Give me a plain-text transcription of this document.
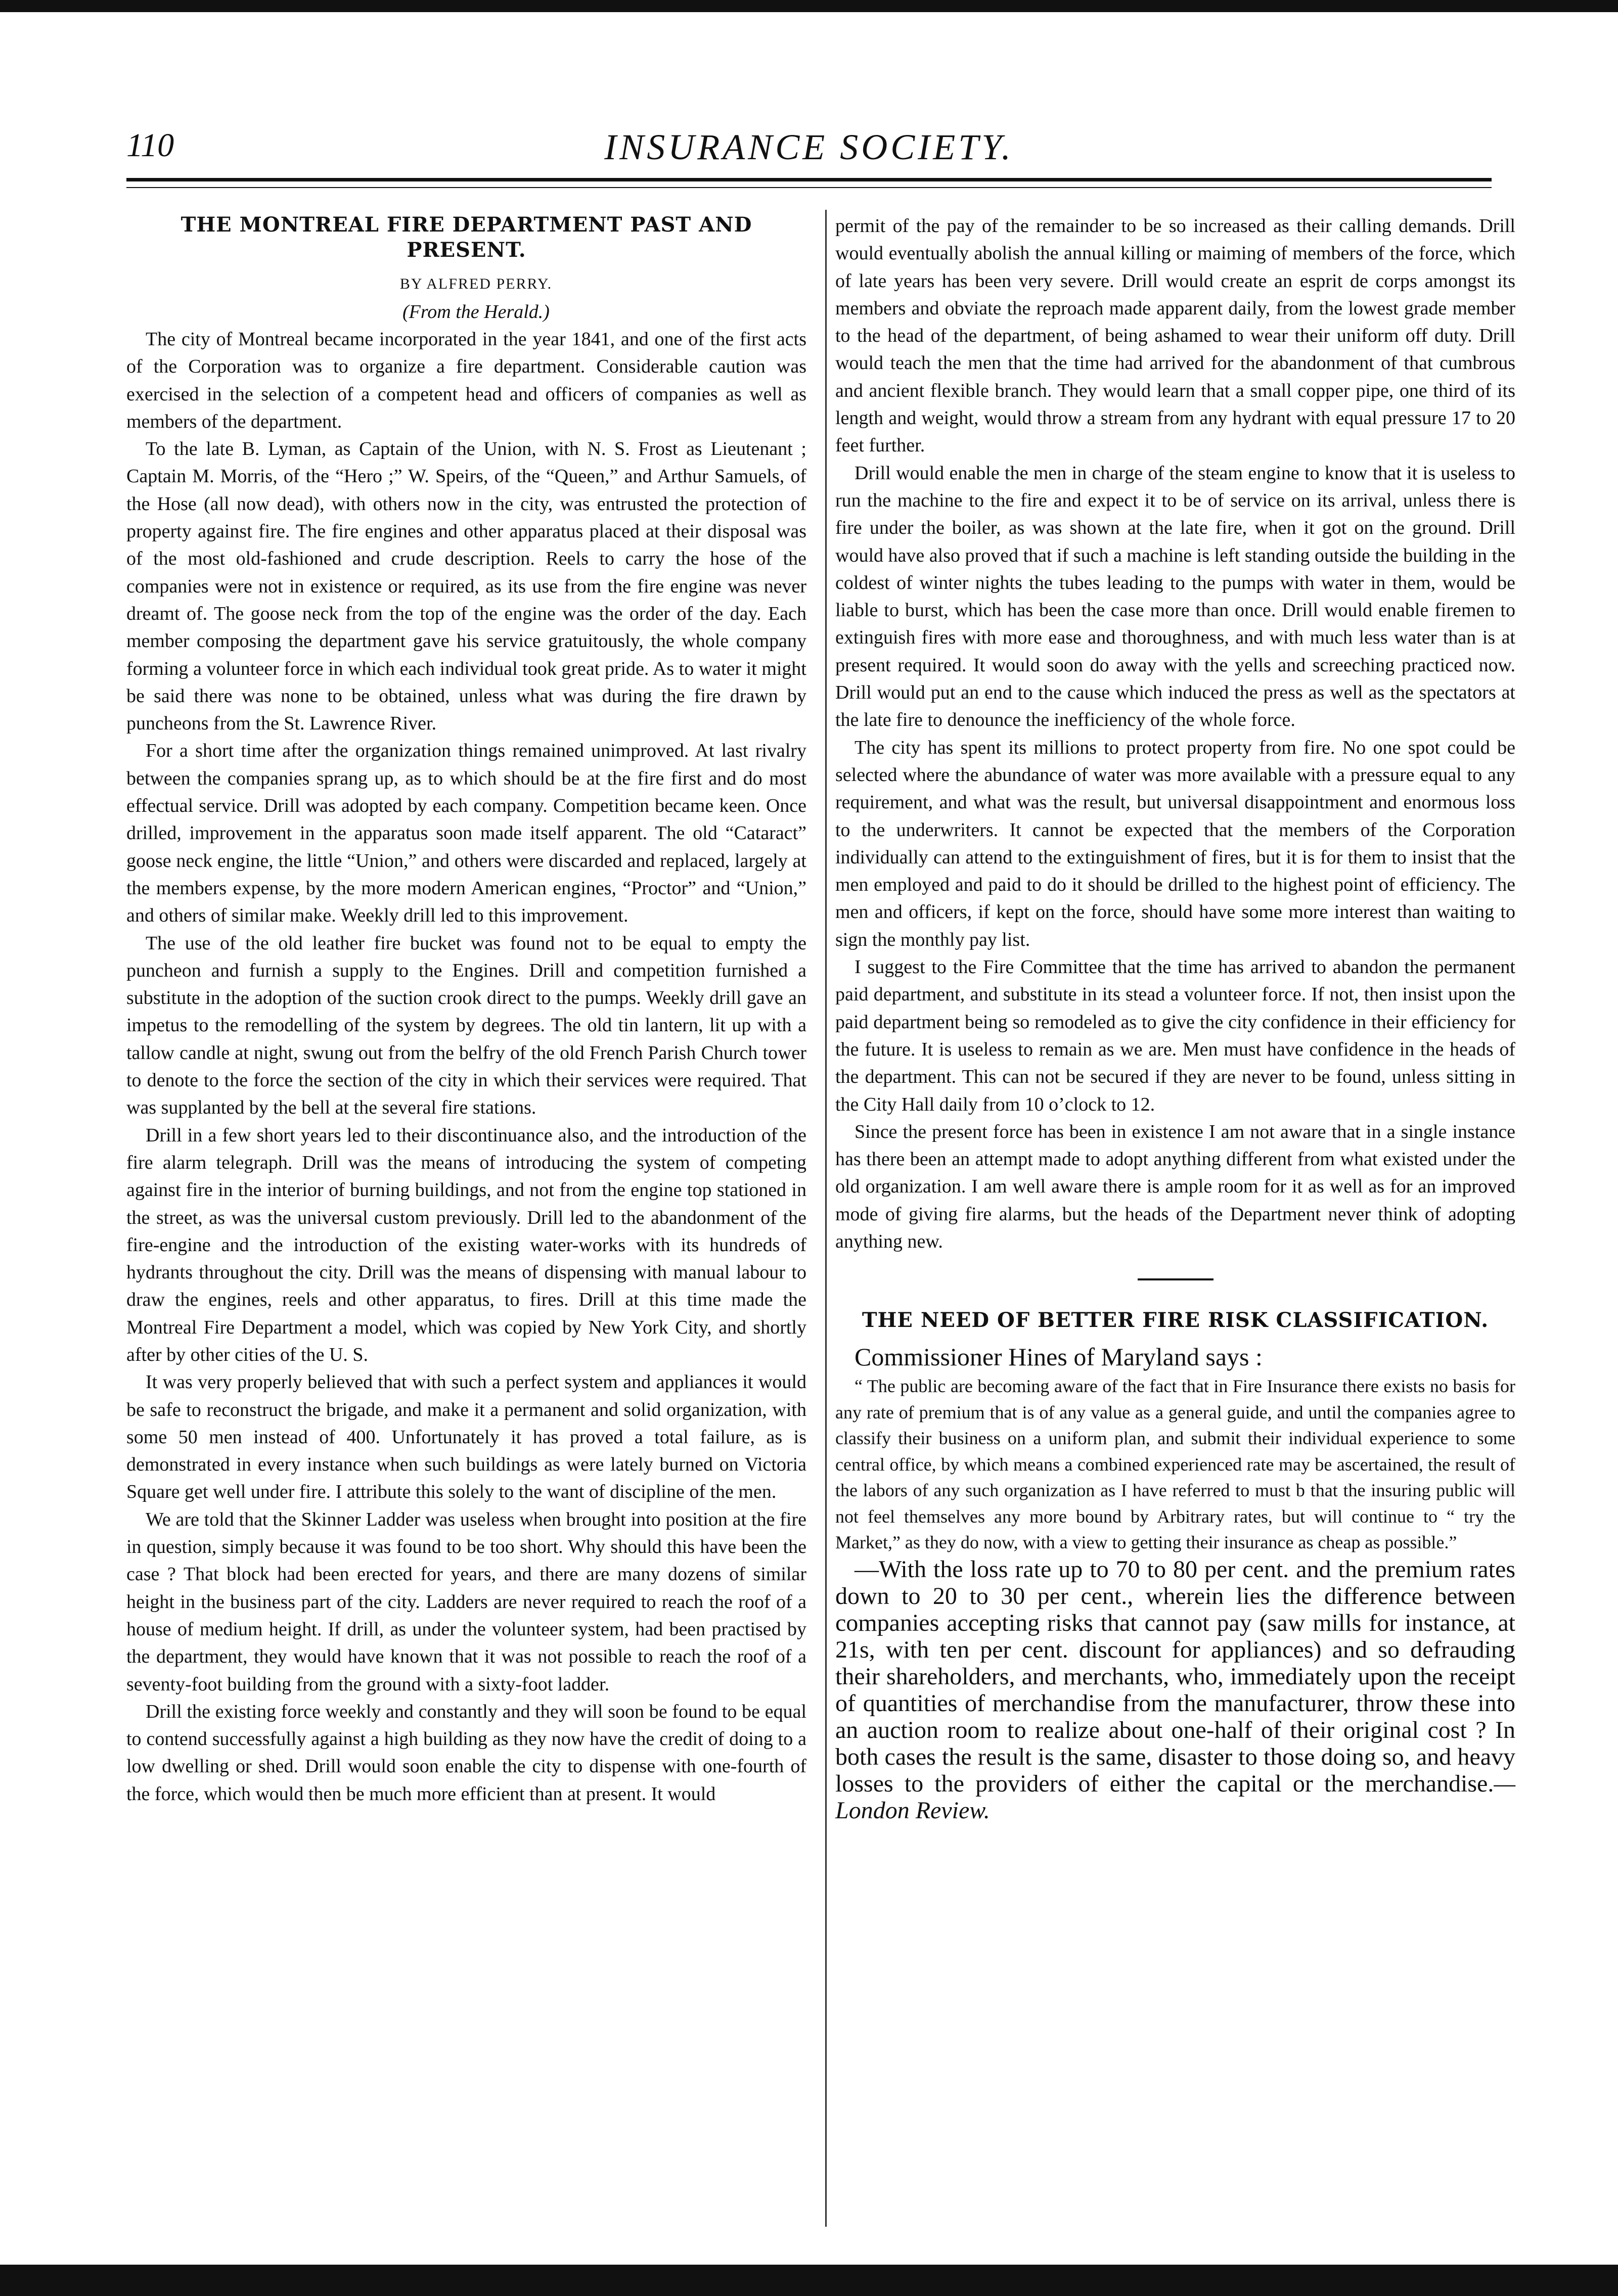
110	INSURANCE SOCIETY.
THE MONTREAL FIRE DEPARTMENT PAST AND PRESENT.

BY ALFRED PERRY.

(From the Herald.)

The city of Montreal became incorporated in the year 1841, and one of the first acts of the Corporation was to organize a fire department. Considerable caution was exercised in the selection of a competent head and officers of companies as well as members of the department.

To the late B. Lyman, as Captain of the Union, with N. S. Frost as Lieutenant ; Captain M. Morris, of the “Hero ;” W. Speirs, of the “Queen,” and Arthur Samuels, of the Hose (all now dead), with others now in the city, was entrusted the protection of property against fire. The fire engines and other apparatus placed at their disposal was of the most old-fashioned and crude description. Reels to carry the hose of the companies were not in existence or required, as its use from the fire engine was never dreamt of. The goose neck from the top of the engine was the order of the day. Each member composing the department gave his service gratuitously, the whole company forming a volunteer force in which each individual took great pride. As to water it might be said there was none to be obtained, unless what was during the fire drawn by puncheons from the St. Lawrence River.

For a short time after the organization things remained unimproved. At last rivalry between the companies sprang up, as to which should be at the fire first and do most effectual service. Drill was adopted by each company. Competition became keen. Once drilled, improvement in the apparatus soon made itself apparent. The old “Cataract” goose neck engine, the little “Union,” and others were discarded and replaced, largely at the members expense, by the more modern American engines, “Proctor” and “Union,” and others of similar make. Weekly drill led to this improvement.

The use of the old leather fire bucket was found not to be equal to empty the puncheon and furnish a supply to the Engines. Drill and competition furnished a substitute in the adoption of the suction crook direct to the pumps. Weekly drill gave an impetus to the remodelling of the system by degrees. The old tin lantern, lit up with a tallow candle at night, swung out from the belfry of the old French Parish Church tower to denote to the force the section of the city in which their services were required. That was supplanted by the bell at the several fire stations.

Drill in a few short years led to their discontinuance also, and the introduction of the fire alarm telegraph. Drill was the means of introducing the system of competing against fire in the interior of burning buildings, and not from the engine top stationed in the street, as was the universal custom previously. Drill led to the abandonment of the fire-engine and the introduction of the existing water-works with its hundreds of hydrants throughout the city. Drill was the means of dispensing with manual labour to draw the engines, reels and other apparatus, to fires. Drill at this time made the Montreal Fire Department a model, which was copied by New York City, and shortly after by other cities of the U. S.

It was very properly believed that with such a perfect system and appliances it would be safe to reconstruct the brigade, and make it a permanent and solid organization, with some 50 men instead of 400. Unfortunately it has proved a total failure, as is demonstrated in every instance when such buildings as were lately burned on Victoria Square get well under fire. I attribute this solely to the want of discipline of the men.

We are told that the Skinner Ladder was useless when brought into position at the fire in question, simply because it was found to be too short. Why should this have been the case ? That block had been erected for years, and there are many dozens of similar height in the business part of the city. Ladders are never required to reach the roof of a house of medium height. If drill, as under the volunteer system, had been practised by the department, they would have known that it was not possible to reach the roof of a seventy-foot building from the ground with a sixty-foot ladder.

Drill the existing force weekly and constantly and they will soon be found to be equal to contend successfully against a high building as they now have the credit of doing to a low dwelling or shed. Drill would soon enable the city to dispense with one-fourth of the force, which would then be much more efficient than at present. It would

permit of the pay of the remainder to be so increased as their calling demands. Drill would eventually abolish the annual killing or maiming of members of the force, which of late years has been very severe. Drill would create an esprit de corps amongst its members and obviate the reproach made apparent daily, from the lowest grade member to the head of the department, of being ashamed to wear their uniform off duty. Drill would teach the men that the time had arrived for the abandonment of that cumbrous and ancient flexible branch. They would learn that a small copper pipe, one third of its length and weight, would throw a stream from any hydrant with equal pressure 17 to 20 feet further.

Drill would enable the men in charge of the steam engine to know that it is useless to run the machine to the fire and expect it to be of service on its arrival, unless there is fire under the boiler, as was shown at the late fire, when it got on the ground. Drill would have also proved that if such a machine is left standing outside the building in the coldest of winter nights the tubes leading to the pumps with water in them, would be liable to burst, which has been the case more than once. Drill would enable firemen to extinguish fires with more ease and thoroughness, and with much less water than is at present required. It would soon do away with the yells and screeching practiced now. Drill would put an end to the cause which induced the press as well as the spectators at the late fire to denounce the inefficiency of the whole force.

The city has spent its millions to protect property from fire. No one spot could be selected where the abundance of water was more available with a pressure equal to any requirement, and what was the result, but universal disappointment and enormous loss to the underwriters. It cannot be expected that the members of the Corporation individually can attend to the extinguishment of fires, but it is for them to insist that the men employed and paid to do it should be drilled to the highest point of efficiency. The men and officers, if kept on the force, should have some more interest than waiting to sign the monthly pay list.

I suggest to the Fire Committee that the time has arrived to abandon the permanent paid department, and substitute in its stead a volunteer force. If not, then insist upon the paid department being so remodeled as to give the city confidence in their efficiency for the future. It is useless to remain as we are. Men must have confidence in the heads of the department. This can not be secured if they are never to be found, unless sitting in the City Hall daily from 10 o’clock to 12.

Since the present force has been in existence I am not aware that in a single instance has there been an attempt made to adopt anything different from what existed under the old organization. I am well aware there is ample room for it as well as for an improved mode of giving fire alarms, but the heads of the Department never think of adopting anything new.

THE NEED OF BETTER FIRE RISK CLASSIFICATION.

Commissioner Hines of Maryland says :

“ The public are becoming aware of the fact that in Fire Insurance there exists no basis for any rate of premium that is of any value as a general guide, and until the companies agree to classify their business on a uniform plan, and submit their individual experience to some central office, by which means a combined experienced rate may be ascertained, the result of the labors of any such organization as I have referred to must b that the insuring public will not feel themselves any more bound by Arbitrary rates, but will continue to “ try the Market,” as they do now, with a view to getting their insurance as cheap as possible.”

—With the loss rate up to 70 to 80 per cent. and the premium rates down to 20 to 30 per cent., wherein lies the difference between companies accepting risks that cannot pay (saw mills for instance, at 21s, with ten per cent. discount for appliances) and so defrauding their shareholders, and merchants, who, immediately upon the receipt of quantities of merchandise from the manufacturer, throw these into an auction room to realize about one-half of their original cost ? In both cases the result is the same, disaster to those doing so, and heavy losses to the providers of either the capital or the merchandise.—London Review.
